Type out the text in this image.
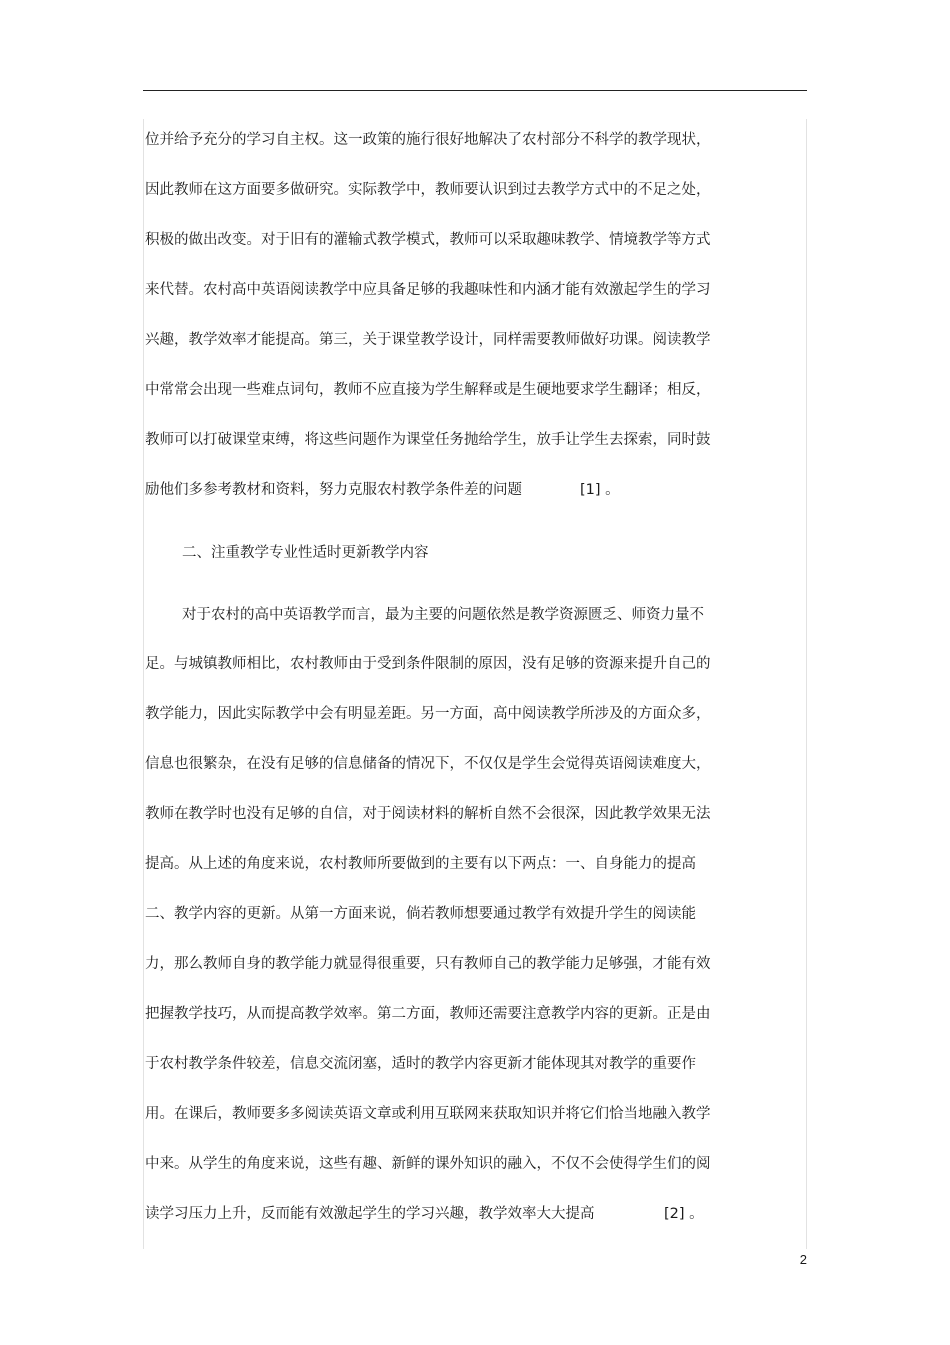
位并给予充分的学习自主权。这一政策的施行很好地解决了农村部分不科学的教学现状，
因此教师在这方面要多做研究。实际教学中，教师要认识到过去教学方式中的不足之处，
积极的做出改变。对于旧有的灌输式教学模式，教师可以采取趣味教学、情境教学等方式
来代替。农村高中英语阅读教学中应具备足够的我趣味性和内涵才能有效激起学生的学习
兴趣，教学效率才能提高。第三，关于课堂教学设计，同样需要教师做好功课。阅读教学
中常常会出现一些难点词句，教师不应直接为学生解释或是生硬地要求学生翻译；相反，
教师可以打破课堂束缚，将这些问题作为课堂任务抛给学生，放手让学生去探索，同时鼓
励他们多参考教材和资料，努力克服农村教学条件差的问题	[1] 。
二、注重教学专业性适时更新教学内容
对于农村的高中英语教学而言，最为主要的问题依然是教学资源匮乏、师资力量不
足。与城镇教师相比，农村教师由于受到条件限制的原因，没有足够的资源来提升自己的
教学能力，因此实际教学中会有明显差距。另一方面，高中阅读教学所涉及的方面众多，
信息也很繁杂，在没有足够的信息储备的情况下，不仅仅是学生会觉得英语阅读难度大，
教师在教学时也没有足够的自信，对于阅读材料的解析自然不会很深，因此教学效果无法
提高。从上述的角度来说，农村教师所要做到的主要有以下两点：一、自身能力的提高
二、教学内容的更新。从第一方面来说，倘若教师想要通过教学有效提升学生的阅读能
力，那么教师自身的教学能力就显得很重要，只有教师自己的教学能力足够强，才能有效
把握教学技巧，从而提高教学效率。第二方面，教师还需要注意教学内容的更新。正是由
于农村教学条件较差，信息交流闭塞，适时的教学内容更新才能体现其对教学的重要作
用。在课后，教师要多多阅读英语文章或利用互联网来获取知识并将它们恰当地融入教学
中来。从学生的角度来说，这些有趣、新鲜的课外知识的融入，不仅不会使得学生们的阅
读学习压力上升，反而能有效激起学生的学习兴趣，教学效率大大提高	[2] 。
2
